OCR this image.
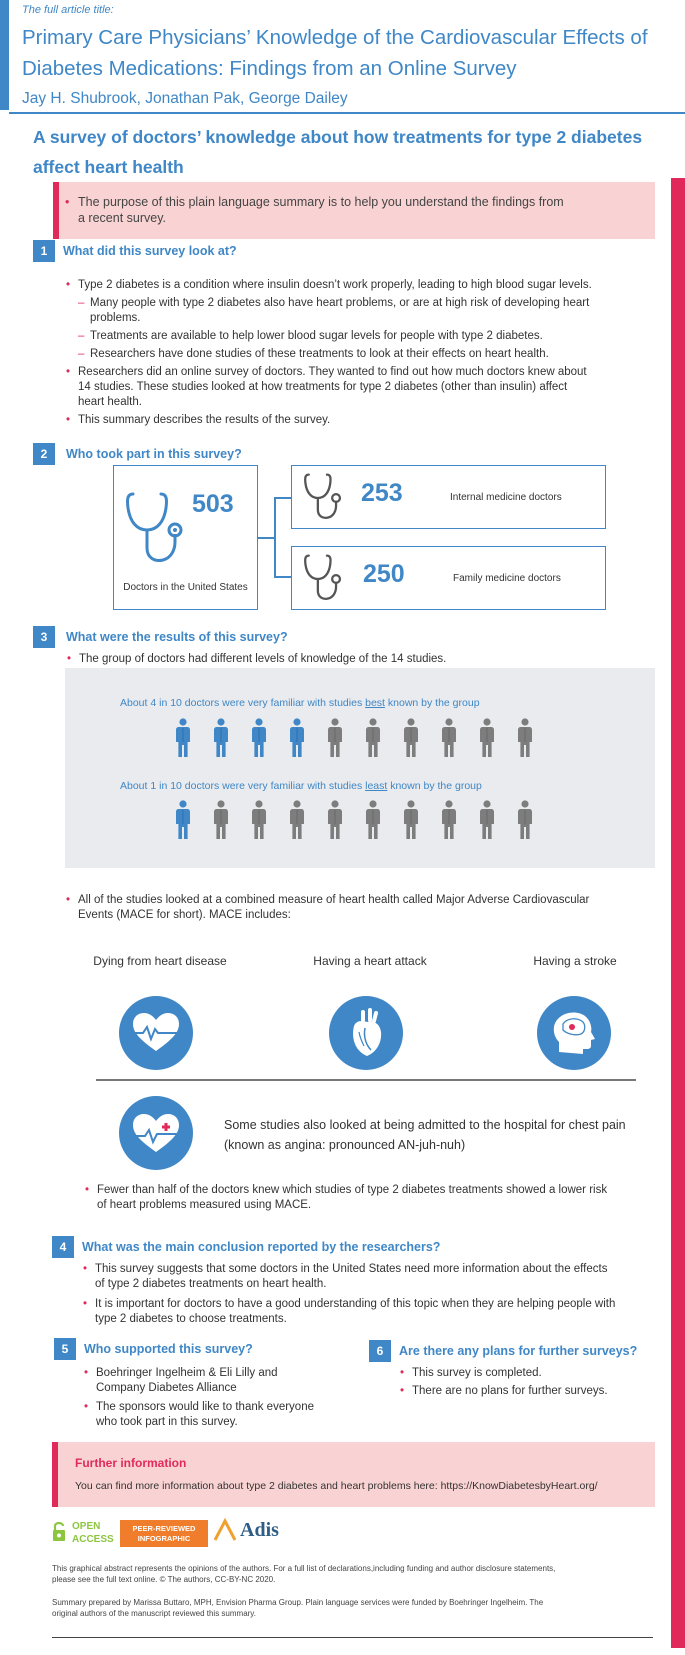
The full article title:
Primary Care Physicians’ Knowledge of the Cardiovascular Effects of
Diabetes Medications: Findings from an Online Survey
Jay H. Shubrook, Jonathan Pak, George Dailey
A survey of doctors’ knowledge about how treatments for type 2 diabetes
affect heart health
• The purpose of this plain language summary is to help you understand the findings from
a recent survey.
1	What did this survey look at?
• Type 2 diabetes is a condition where insulin doesn’t work properly, leading to high blood sugar levels.
– Many people with type 2 diabetes also have heart problems, or are at high risk of developing heart
problems.
– Treatments are available to help lower blood sugar levels for people with type 2 diabetes.
– Researchers have done studies of these treatments to look at their effects on heart health.
• Researchers did an online survey of doctors. They wanted to find out how much doctors knew about
14 studies. These studies looked at how treatments for type 2 diabetes (other than insulin) affect
heart health.
• This summary describes the results of the survey.
2	Who took part in this survey?
503
Doctors in the United States
253	Internal medicine doctors
250	Family medicine doctors
3	What were the results of this survey?
• The group of doctors had different levels of knowledge of the 14 studies.
About 4 in 10 doctors were very familiar with studies best known by the group
About 1 in 10 doctors were very familiar with studies least known by the group
• All of the studies looked at a combined measure of heart health called Major Adverse Cardiovascular
Events (MACE for short). MACE includes:
Dying from heart disease	Having a heart attack	Having a stroke
Some studies also looked at being admitted to the hospital for chest pain
(known as angina: pronounced AN-juh-nuh)
• Fewer than half of the doctors knew which studies of type 2 diabetes treatments showed a lower risk
of heart problems measured using MACE.
4	What was the main conclusion reported by the researchers?
• This survey suggests that some doctors in the United States need more information about the effects
of type 2 diabetes treatments on heart health.
• It is important for doctors to have a good understanding of this topic when they are helping people with
type 2 diabetes to choose treatments.
5	Who supported this survey?
• Boehringer Ingelheim & Eli Lilly and
Company Diabetes Alliance
• The sponsors would like to thank everyone
who took part in this survey.
6	Are there any plans for further surveys?
• This survey is completed.
• There are no plans for further surveys.
Further information
You can find more information about type 2 diabetes and heart problems here: https://KnowDiabetesbyHeart.org/
OPEN
ACCESS
PEER-REVIEWED
INFOGRAPHIC	Adis
This graphical abstract represents the opinions of the authors. For a full list of declarations,including funding and author disclosure statements,
please see the full text online. © The authors, CC-BY-NC 2020.
Summary prepared by Marissa Buttaro, MPH, Envision Pharma Group. Plain language services were funded by Boehringer Ingelheim. The
original authors of the manuscript reviewed this summary.
